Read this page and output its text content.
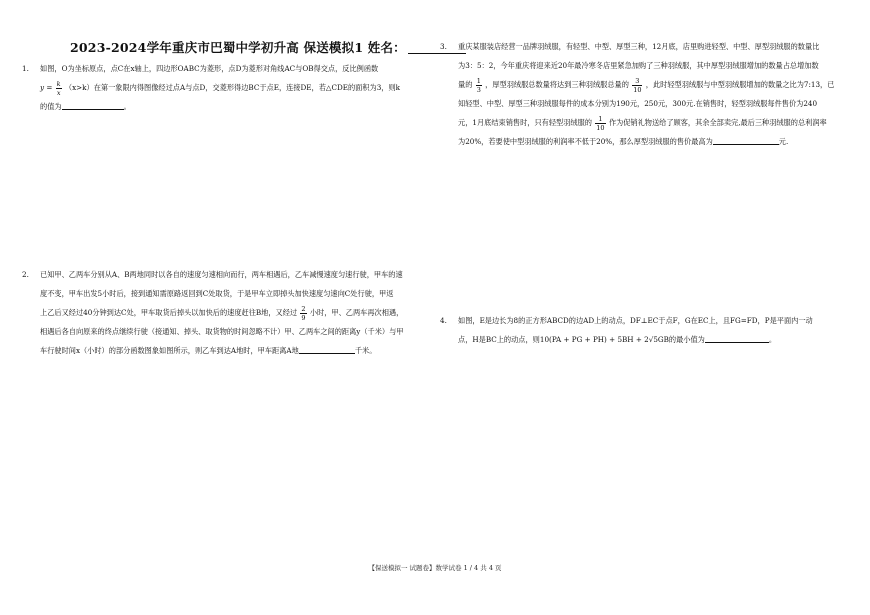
2023-2024学年重庆市巴蜀中学初升高 保送模拟1 姓名：
1. 如图，O为坐标原点，点C在x轴上，四边形OABC为菱形，点D为菱形对角线AC与OB得交点，反比例函数

$y = \frac{k}{x} (x>k)$在第一象限内得图像经过点A与点D，交菱形得边BC于点E，连接DE，若△CDE的面积为3，则k

的值为	。

2. 已知甲、乙两车分别从A、B两地同时以各自的速度匀速相向而行，两车相遇后，乙车减慢速度匀速行驶，甲车的速

度不变，甲车出发5小时后，接到通知需原路返回到C处取货，于是甲车立即掉头加快速度匀速向C处行驶，甲返

上乙后又经过40分钟到达C处，甲车取货后掉头以加快后的速度赶往B地，又经过 $\frac{2}{9}$ 小时，甲、乙两车再次相遇，

相遇后各自向原来的终点继续行驶（接通知、掉头、取货物的时间忽略不计）甲、乙两车之间的距离y（千米）与甲

车行驶时间x（小时）的部分函数图象如图所示，则乙车到达A地时，甲车距离A地	千米。

3. 重庆某服装店经营一品牌羽绒服，有轻型、中型、厚型三种，12月底，店里购进轻型、中型、厚型羽绒服的数量比

为3：5：2，今年重庆将迎来近20年最冷寒冬店里紧急加购了三种羽绒服，其中厚型羽绒服增加的数量占总增加数

量的 $\frac{1}{3}$ ，厚型羽绒服总数量将达到三种羽绒服总量的 $\frac{3}{10}$ ，此时轻型羽绒服与中型羽绒服增加的数量之比为7:13，已

知轻型、中型、厚型三种羽绒服每件的成本分别为190元，250元，300元.在销售时，轻型羽绒服每件售价为240

元，1月底结束销售时，只有轻型羽绒服的 $\frac{1}{10}$ 作为促销礼物送给了顾客，其余全部卖完,最后三种羽绒服的总利润率

为20%，若要使中型羽绒服的利润率不低于20%，那么厚型羽绒服的售价最高为	元.

4. 如图，E是边长为8的正方形ABCD的边AD上的动点，DF⊥EC于点F，G在EC上，且FG=FD，P是平面内一动

点，H是BC上的动点，则10(PA + PG + PH) + 5BH + 2√5GB的最小值为	。

【保送模拟一 试题卷】数学试卷 1 / 4 共 4 页
